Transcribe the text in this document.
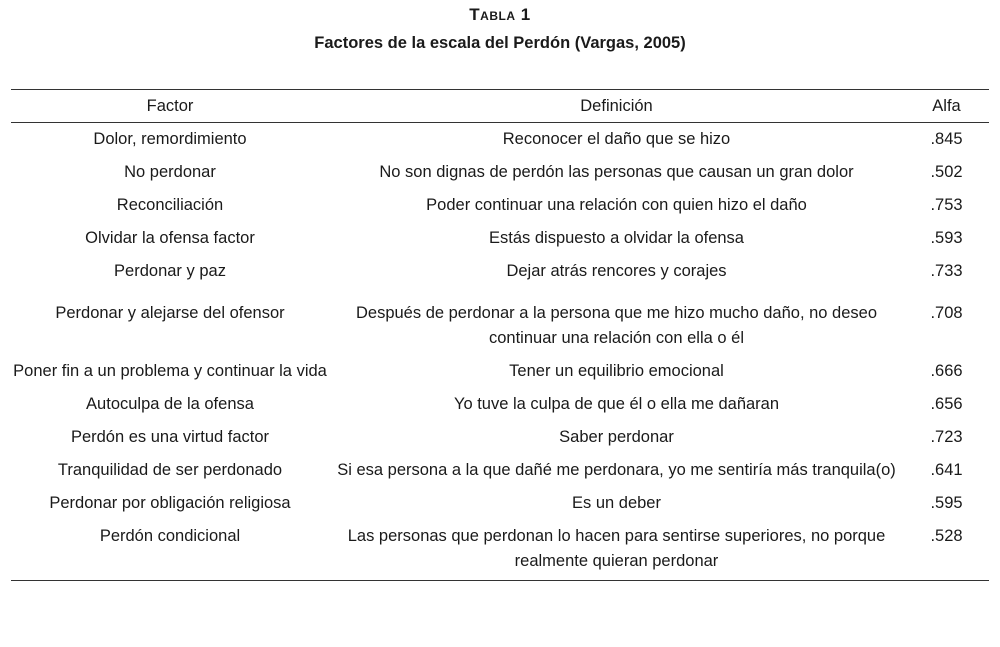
Tabla 1
Factores de la escala del Perdón (Vargas, 2005)
Factor	Definición	Alfa
Dolor, remordimiento	Reconocer el daño que se hizo	.845
No perdonar	No son dignas de perdón las personas que causan un gran dolor	.502
Reconciliación	Poder continuar una relación con quien hizo el daño	.753
Olvidar la ofensa factor	Estás dispuesto a olvidar la ofensa	.593
Perdonar y paz	Dejar atrás rencores y corajes	.733
Perdonar y alejarse del ofensor	Después de perdonar a la persona que me hizo mucho daño, no deseo continuar una relación con ella o él	.708
Poner fin a un problema y continuar la vida	Tener un equilibrio emocional	.666
Autoculpa de la ofensa	Yo tuve la culpa de que él o ella me dañaran	.656
Perdón es una virtud factor	Saber perdonar	.723
Tranquilidad de ser perdonado	Si esa persona a la que dañé me perdonara, yo me sentiría más tranquila(o)	.641
Perdonar por obligación religiosa	Es un deber	.595
Perdón condicional	Las personas que perdonan lo hacen para sentirse superiores, no porque realmente quieran perdonar	.528
